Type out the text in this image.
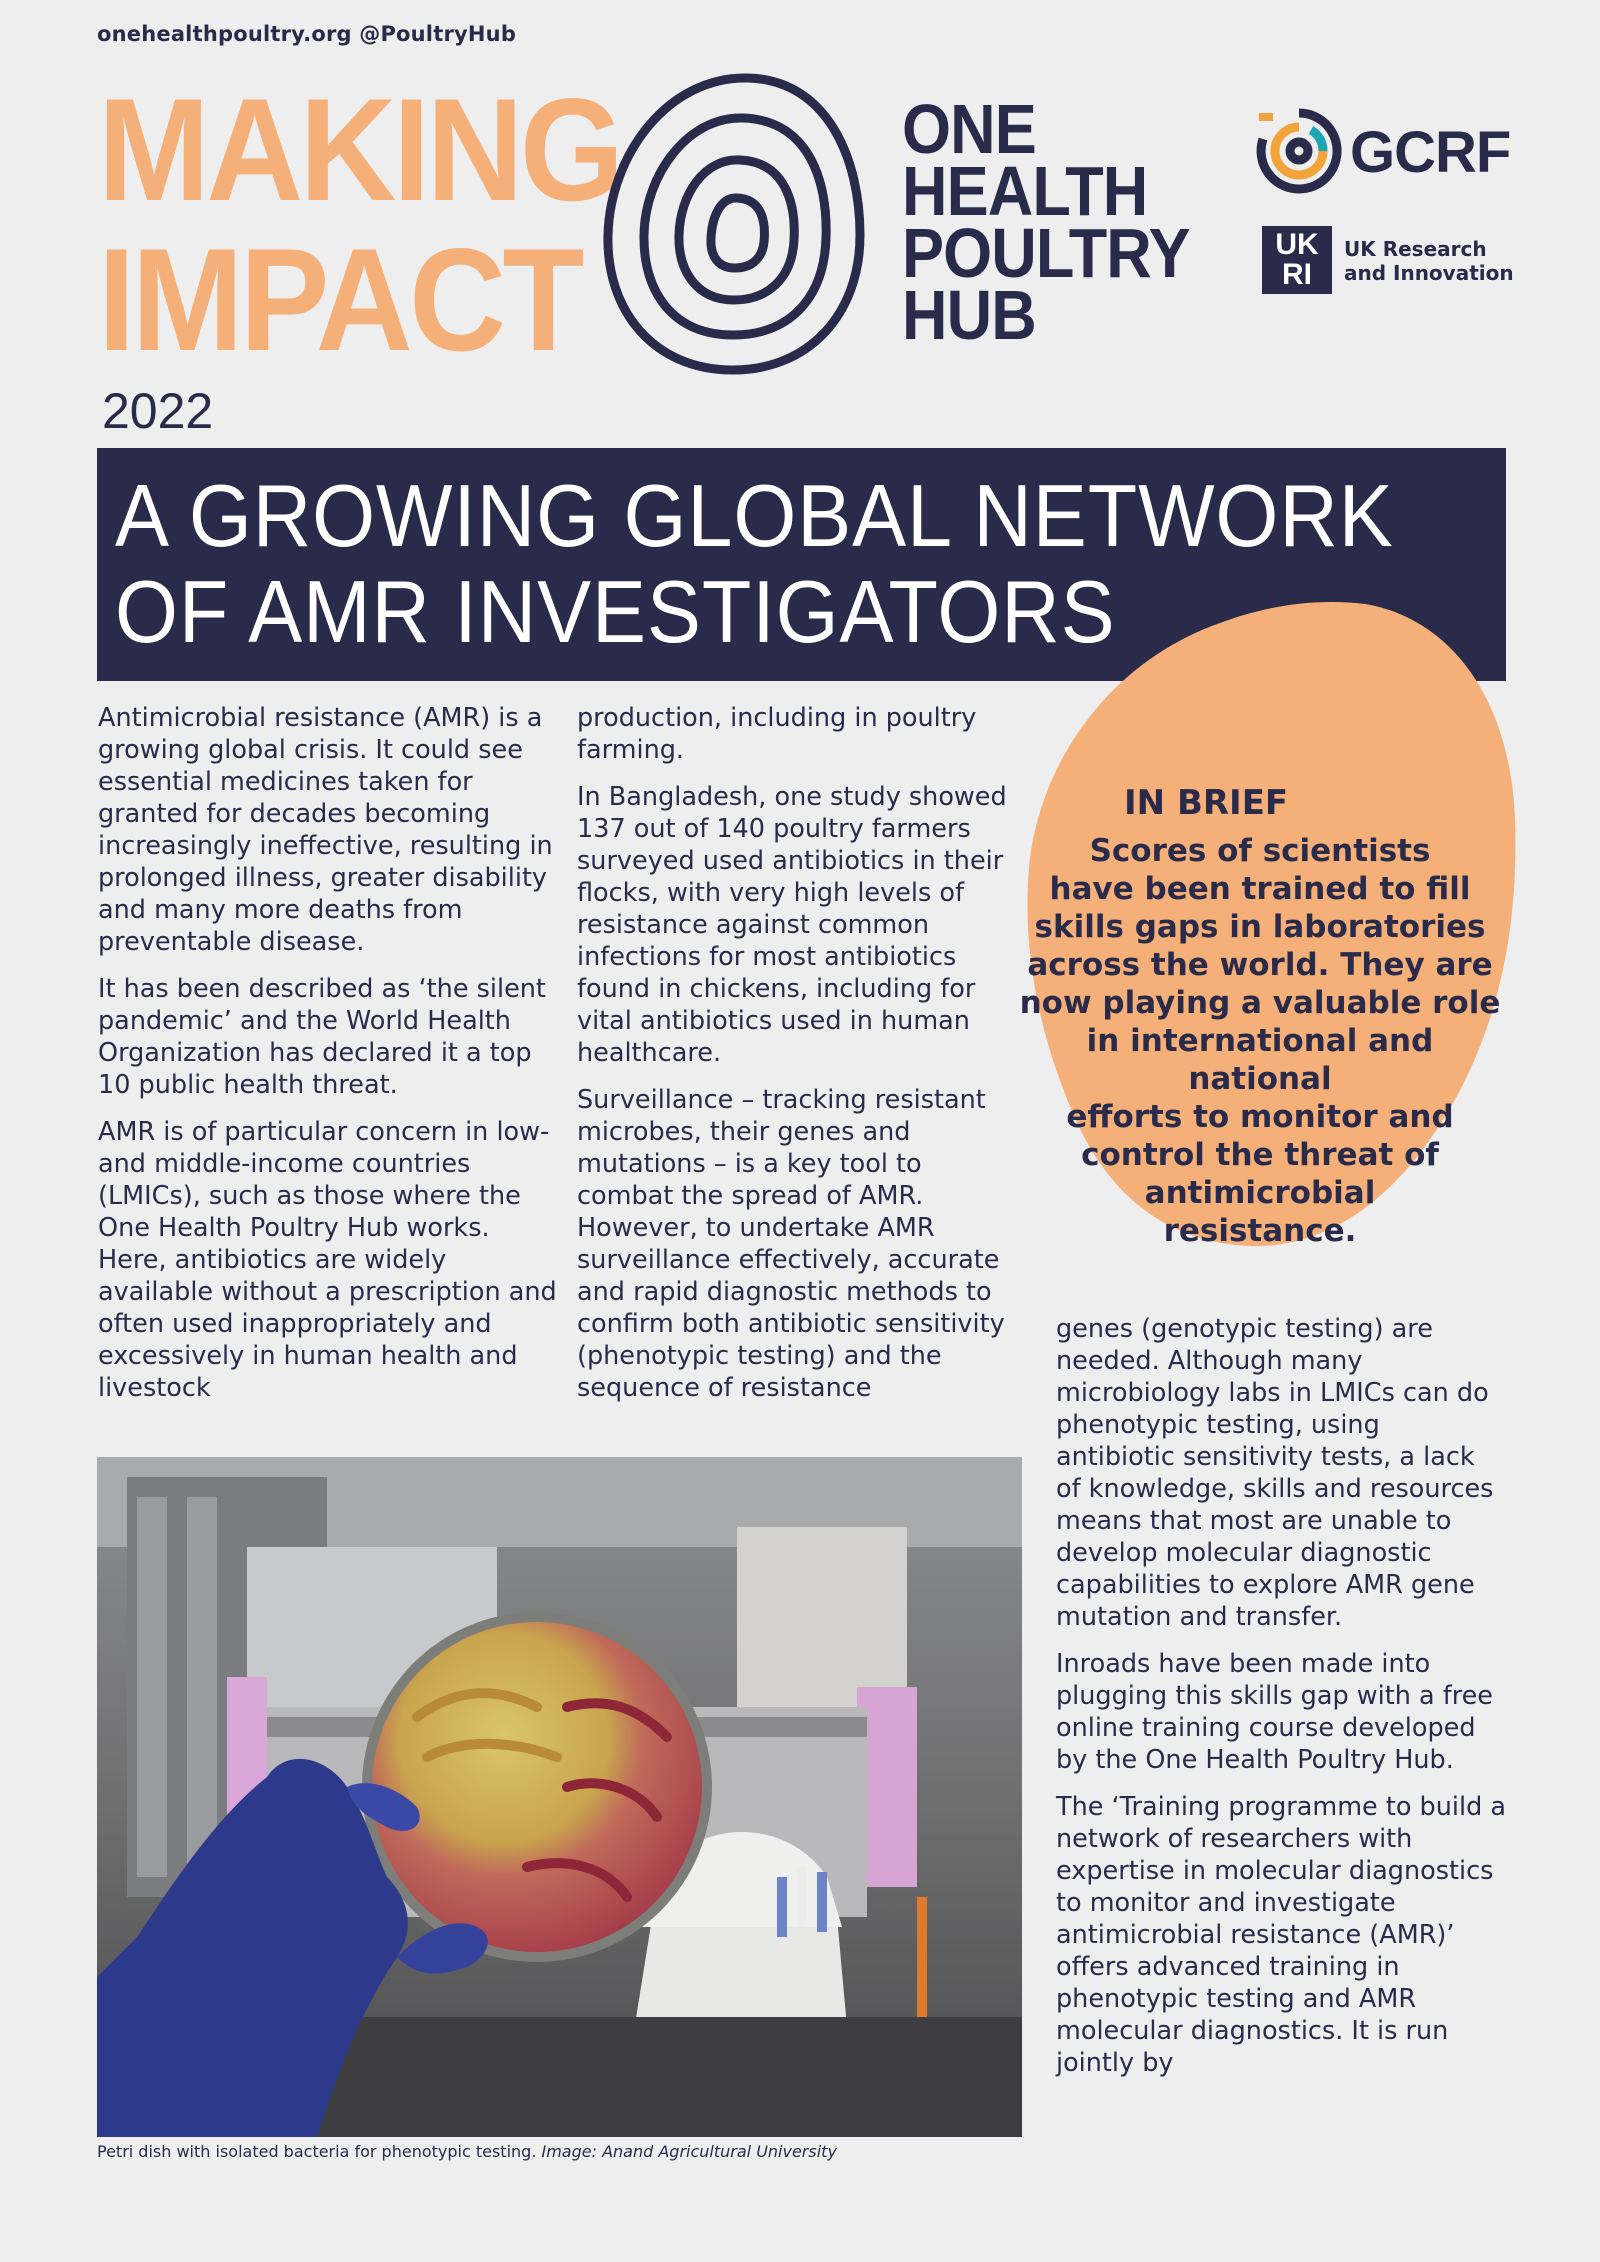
onehealthpoultry.org @PoultryHub
MAKING
IMPACT
2022
ONE
HEALTH
POULTRY
HUB
GCRF
UK RI
UK Research
and Innovation
A GROWING GLOBAL NETWORK
OF AMR INVESTIGATORS
IN BRIEF
Scores of scientists
have been trained to fill
skills gaps in laboratories
across the world. They are
now playing a valuable role
in international and national
efforts to monitor and
control the threat of
antimicrobial
resistance.

Antimicrobial resistance (AMR) is a growing global crisis. It could see essential medicines taken for granted for decades becoming increasingly ineffective, resulting in prolonged illness, greater disability and many more deaths from preventable disease.

It has been described as ‘the silent pandemic’ and the World Health Organization has declared it a top 10 public health threat.

AMR is of particular concern in low- and middle-income countries (LMICs), such as those where the One Health Poultry Hub works. Here, antibiotics are widely available without a prescription and often used inappropriately and excessively in human health and livestock

production, including in poultry farming.

In Bangladesh, one study showed 137 out of 140 poultry farmers surveyed used antibiotics in their flocks, with very high levels of resistance against common infections for most antibiotics found in chickens, including for vital antibiotics used in human healthcare.

Surveillance – tracking resistant microbes, their genes and mutations – is a key tool to combat the spread of AMR. However, to undertake AMR surveillance effectively, accurate and rapid diagnostic methods to confirm both antibiotic sensitivity (phenotypic testing) and the sequence of resistance

genes (genotypic testing) are needed. Although many microbiology labs in LMICs can do phenotypic testing, using antibiotic sensitivity tests, a lack of knowledge, skills and resources means that most are unable to develop molecular diagnostic capabilities to explore AMR gene mutation and transfer.

Inroads have been made into plugging this skills gap with a free online training course developed by the One Health Poultry Hub.

The ‘Training programme to build a network of researchers with expertise in molecular diagnostics to monitor and investigate antimicrobial resistance (AMR)’ offers advanced training in phenotypic testing and AMR molecular diagnostics. It is run jointly by

Petri dish with isolated bacteria for phenotypic testing. Image: Anand Agricultural University
